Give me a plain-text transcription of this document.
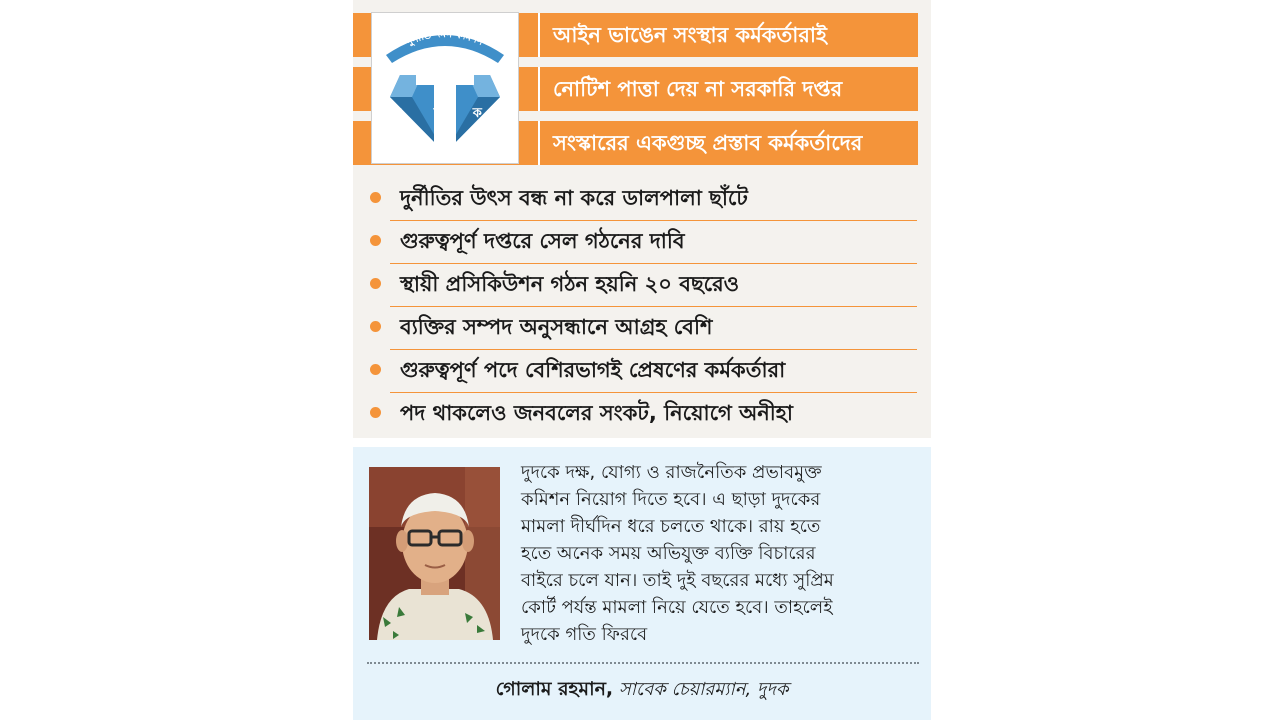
আইন ভাঙেন সংস্থার কর্মকর্তারাই
নোটিশ পাত্তা দেয় না সরকারি দপ্তর
সংস্কারের একগুচ্ছ প্রস্তাব কর্মকর্তাদের
দুর্নীতি দমন কমিশন
দু দ ক
দুর্নীতির উৎস বন্ধ না করে ডালপালা ছাঁটে
গুরুত্বপূর্ণ দপ্তরে সেল গঠনের দাবি
স্থায়ী প্রসিকিউশন গঠন হয়নি ২০ বছরেও
ব্যক্তির সম্পদ অনুসন্ধানে আগ্রহ বেশি
গুরুত্বপূর্ণ পদে বেশিরভাগই প্রেষণের কর্মকর্তারা
পদ থাকলেও জনবলের সংকট, নিয়োগে অনীহা
দুদকে দক্ষ, যোগ্য ও রাজনৈতিক প্রভাবমুক্ত
কমিশন নিয়োগ দিতে হবে। এ ছাড়া দুদকের
মামলা দীর্ঘদিন ধরে চলতে থাকে। রায় হতে
হতে অনেক সময় অভিযুক্ত ব্যক্তি বিচারের
বাইরে চলে যান। তাই দুই বছরের মধ্যে সুপ্রিম
কোর্ট পর্যন্ত মামলা নিয়ে যেতে হবে। তাহলেই
দুদকে গতি ফিরবে
গোলাম রহমান, সাবেক চেয়ারম্যান, দুদক
